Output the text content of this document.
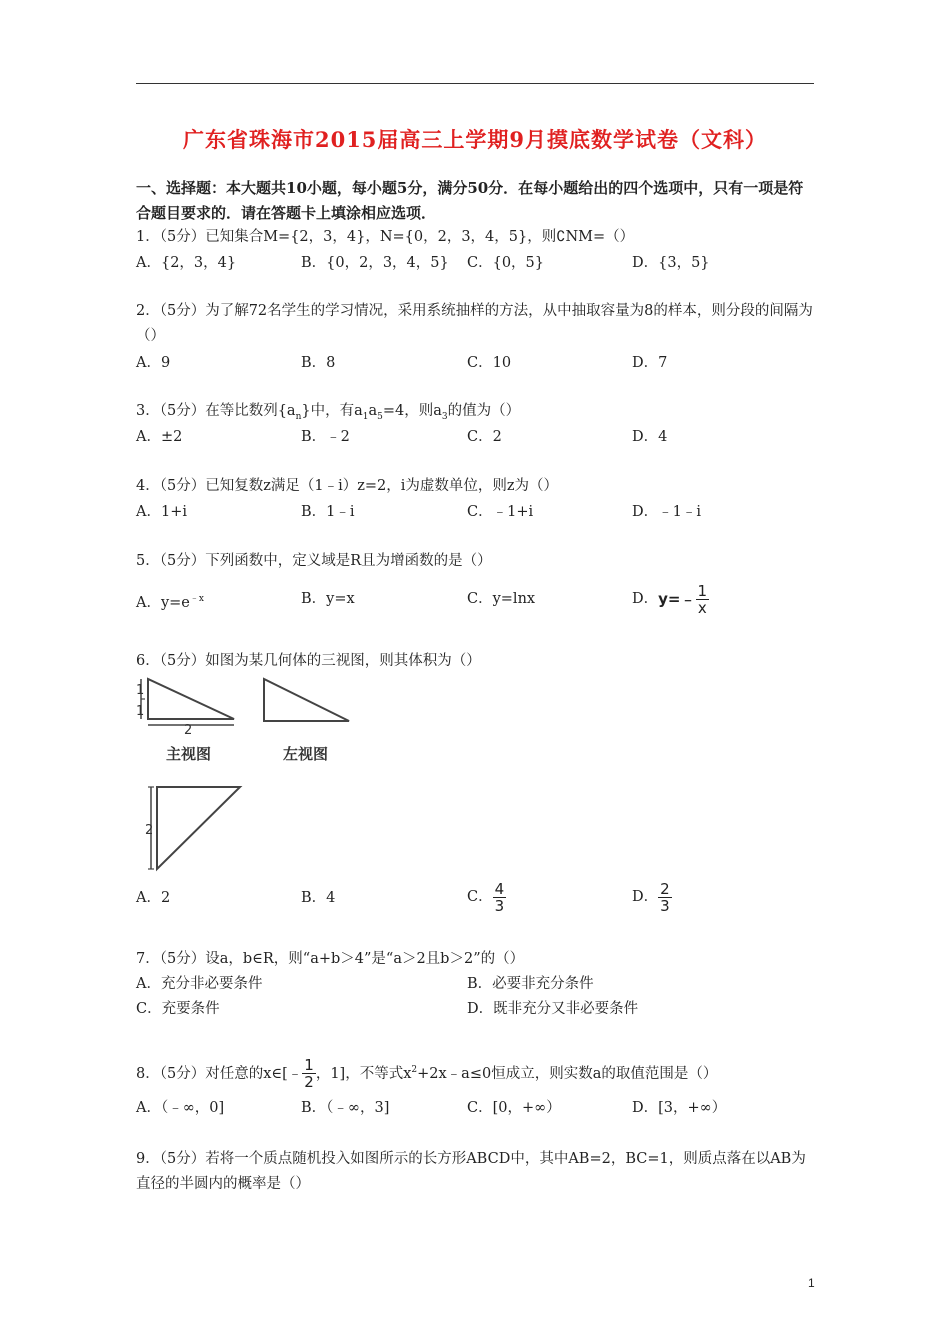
广东省珠海市2015届高三上学期9月摸底数学试卷（文科）
一、选择题：本大题共10小题，每小题5分，满分50分．在每小题给出的四个选项中，只有一项是符合题目要求的．请在答题卡上填涂相应选项．
1．（5分）已知集合M={2，3，4}，N={0，2，3，4，5}，则∁NM=（）
A．{2，3，4}	B．{0，2，3，4，5} C．{0，5}	D．{3，5}
2．（5分）为了解72名学生的学习情况，采用系统抽样的方法，从中抽取容量为8的样本，则分段的间隔为（）
A．9	B．8	C．10	D．7
3．（5分）在等比数列$\{a_n\}$中，有$a_1a_5=4$，则$a_3$的值为（）
A．±2	B．﹣2	C．2	D．4
4．（5分）已知复数z满足（1﹣i）z=2，i为虚数单位，则z为（）
A．1+i	B．1﹣i	C．﹣1+i	D．﹣1﹣i
5．（5分）下列函数中，定义域是R且为增函数的是（）
A．$y=e^{﹣x}$	B．y=x	C．y=lnx	D．y=﹣ $\frac{1}{x}$
6．（5分）如图为某几何体的三视图，则其体积为（）
1
1
2
2
主视图	左视图
A．2	B．4	C． $\frac{4}{3}$	D． $\frac{2}{3}$
7．（5分）设a，b∈R，则“a+b＞4”是“a＞2且b＞2”的（）
A．充分非必要条件	B．必要非充分条件
C．充要条件	D．既非充分又非必要条件
8．（5分）对任意的x∈[﹣ $\frac{1}{2}$ ，1]，不等式$x^2+2x﹣a\le 0$恒成立，则实数a的取值范围是（）
A．（﹣∞，0]	B．（﹣∞，3]	C．[0，+∞）	D．[3，+∞）
9．（5分）若将一个质点随机投入如图所示的长方形ABCD中，其中AB=2，BC=1，则质点落在以AB为直径的半圆内的概率是（）
1
